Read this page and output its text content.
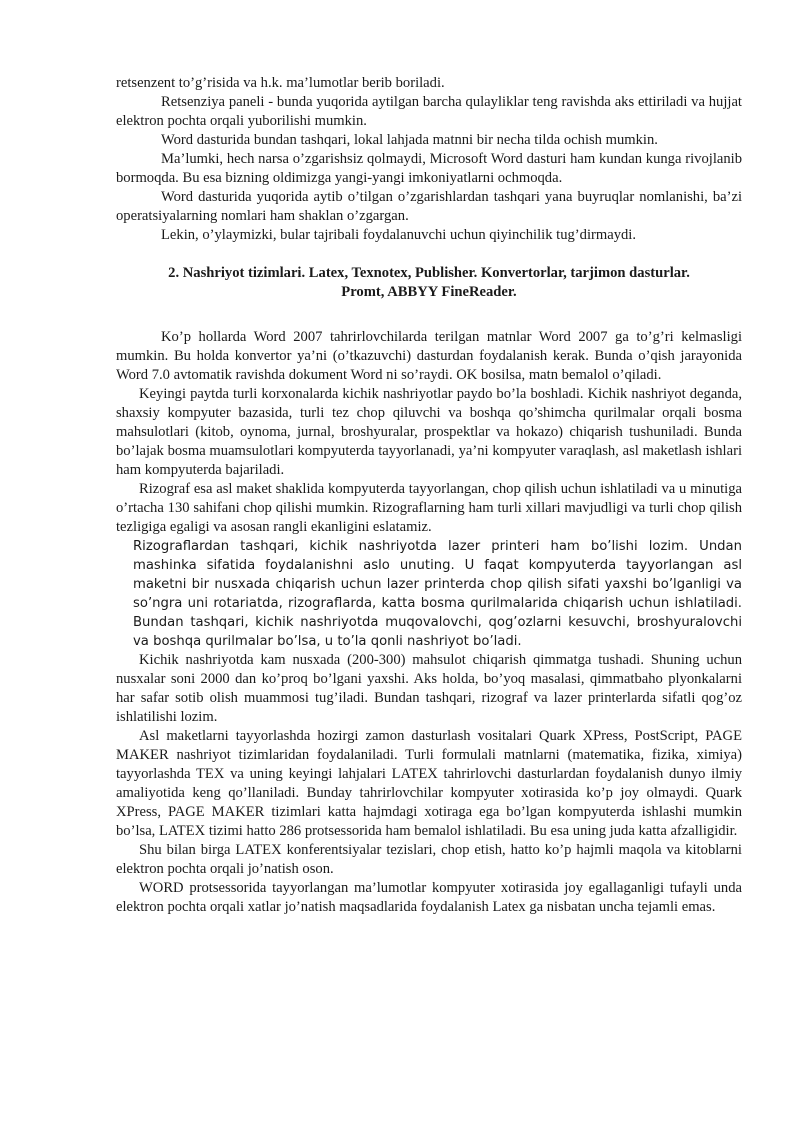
retsenzent to’g’risida va h.k. ma’lumotlar berib boriladi.

Retsenziya paneli - bunda yuqorida aytilgan barcha qulayliklar teng ravishda aks ettiriladi va hujjat elektron pochta orqali yuborilishi mumkin.

Word dasturida bundan tashqari, lokal lahjada matnni bir necha tilda ochish mumkin.

Ma’lumki, hech narsa o’zgarishsiz qolmaydi, Microsoft Word dasturi ham kundan kunga rivojlanib bormoqda. Bu esa bizning oldimizga yangi-yangi imkoniyatlarni ochmoqda.

Word dasturida yuqorida aytib o’tilgan o’zgarishlardan tashqari yana buyruqlar nomlanishi, ba’zi operatsiyalarning nomlari ham shaklan o’zgargan.

Lekin, o’ylaymizki, bular tajribali foydalanuvchi uchun qiyinchilik tug’dirmaydi.

2. Nashriyot tizimlari. Latex, Texnotex, Publisher. Konvertorlar, tarjimon dasturlar.
Promt, ABBYY FineReader.

Ko’p hollarda Word 2007 tahrirlovchilarda terilgan matnlar Word 2007 ga to’g’ri kelmasligi mumkin. Bu holda konvertor ya’ni (o’tkazuvchi) dasturdan foydalanish kerak. Bunda o’qish jarayonida Word 7.0 avtomatik ravishda dokument Word ni so’raydi. OK bosilsa, matn bemalol o’qiladi.

Keyingi paytda turli korxonalarda kichik nashriyotlar paydo bo’la boshladi. Kichik nashriyot deganda, shaxsiy kompyuter bazasida, turli tez chop qiluvchi va boshqa qo’shimcha qurilmalar orqali bosma mahsulotlari (kitob, oynoma, jurnal, broshyuralar, prospektlar va hokazo) chiqarish tushuniladi. Bunda bo’lajak bosma muamsulotlari kompyuterda tayyorlanadi, ya’ni kompyuter varaqlash, asl maketlash ishlari ham kompyuterda bajariladi.

Rizograf esa asl maket shaklida kompyuterda tayyorlangan, chop qilish uchun ishlatiladi va u minutiga o’rtacha 130 sahifani chop qilishi mumkin. Rizograflarning ham turli xillari mavjudligi va turli chop qilish tezligiga egaligi va asosan rangli ekanligini eslatamiz.

Rizograflardan tashqari, kichik nashriyotda lazer printeri ham bo’lishi lozim. Undan mashinka sifatida foydalanishni aslo unuting. U faqat kompyuterda tayyorlangan asl maketni bir nusxada chiqarish uchun lazer printerda chop qilish sifati yaxshi bo’lganligi va so’ngra uni rotariatda, rizograflarda, katta bosma qurilmalarida chiqarish uchun ishlatiladi. Bundan tashqari, kichik nashriyotda muqovalovchi, qog’ozlarni kesuvchi, broshyuralovchi va boshqa qurilmalar bo’lsa, u to’la qonli nashriyot bo’ladi.

Kichik nashriyotda kam nusxada (200-300) mahsulot chiqarish qimmatga tushadi. Shuning uchun nusxalar soni 2000 dan ko’proq bo’lgani yaxshi. Aks holda, bo’yoq masalasi, qimmatbaho plyonkalarni har safar sotib olish muammosi tug’iladi. Bundan tashqari, rizograf va lazer printerlarda sifatli qog’oz ishlatilishi lozim.

Asl maketlarni tayyorlashda hozirgi zamon dasturlash vositalari Quark XPress, PostScript, PAGE MAKER nashriyot tizimlaridan foydalaniladi. Turli formulali matnlarni (matematika, fizika, ximiya) tayyorlashda TEX va uning keyingi lahjalari LATEX tahrirlovchi dasturlardan foydalanish dunyo ilmiy amaliyotida keng qo’llaniladi. Bunday tahrirlovchilar kompyuter xotirasida ko’p joy olmaydi. Quark XPress, PAGE MAKER tizimlari katta hajmdagi xotiraga ega bo’lgan kompyuterda ishlashi mumkin bo’lsa, LATEX tizimi hatto 286 protsessorida ham bemalol ishlatiladi. Bu esa uning juda katta afzalligidir.

Shu bilan birga LATEX konferentsiyalar tezislari, chop etish, hatto ko’p hajmli maqola va kitoblarni elektron pochta orqali jo’natish oson.

WORD protsessorida tayyorlangan ma’lumotlar kompyuter xotirasida joy egallaganligi tufayli unda elektron pochta orqali xatlar jo’natish maqsadlarida foydalanish Latex ga nisbatan uncha tejamli emas.
